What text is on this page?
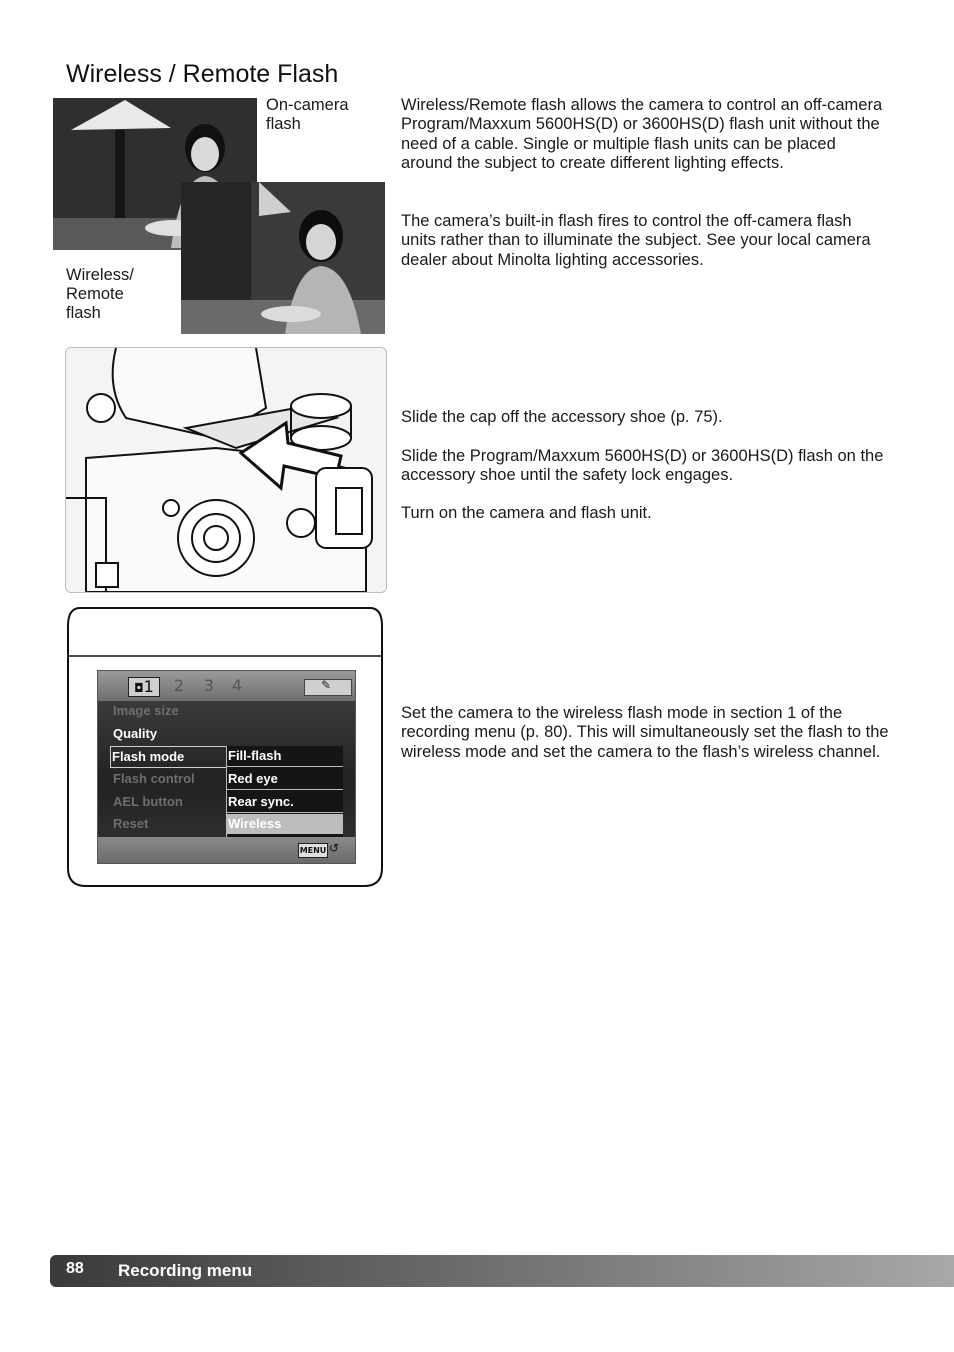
Wireless / Remote Flash
On-camera
flash
Wireless/
Remote
flash

Wireless/Remote flash allows the camera to control an off-camera Program/Maxxum 5600HS(D) or 3600HS(D) flash unit without the need of a cable. Single or multiple flash units can be placed around the subject to create different lighting effects.

The camera’s built-in flash fires to control the off-camera flash units rather than to illuminate the subject. See your local camera dealer about Minolta lighting accessories.

Slide the cap off the accessory shoe (p. 75).

Slide the Program/Maxxum 5600HS(D) or 3600HS(D) flash on the accessory shoe until the safety lock engages.

Turn on the camera and flash unit.

◘1	2	3	4	✎
Image size
Quality
Flash mode
Flash control
AEL button
Reset
Fill-flash
Red eye
Rear sync.
Wireless
MENU ↺

Set the camera to the wireless flash mode in section 1 of the recording menu (p. 80). This will simultaneously set the flash to the wireless mode and set the camera to the flash’s wireless channel.

88 Recording menu
